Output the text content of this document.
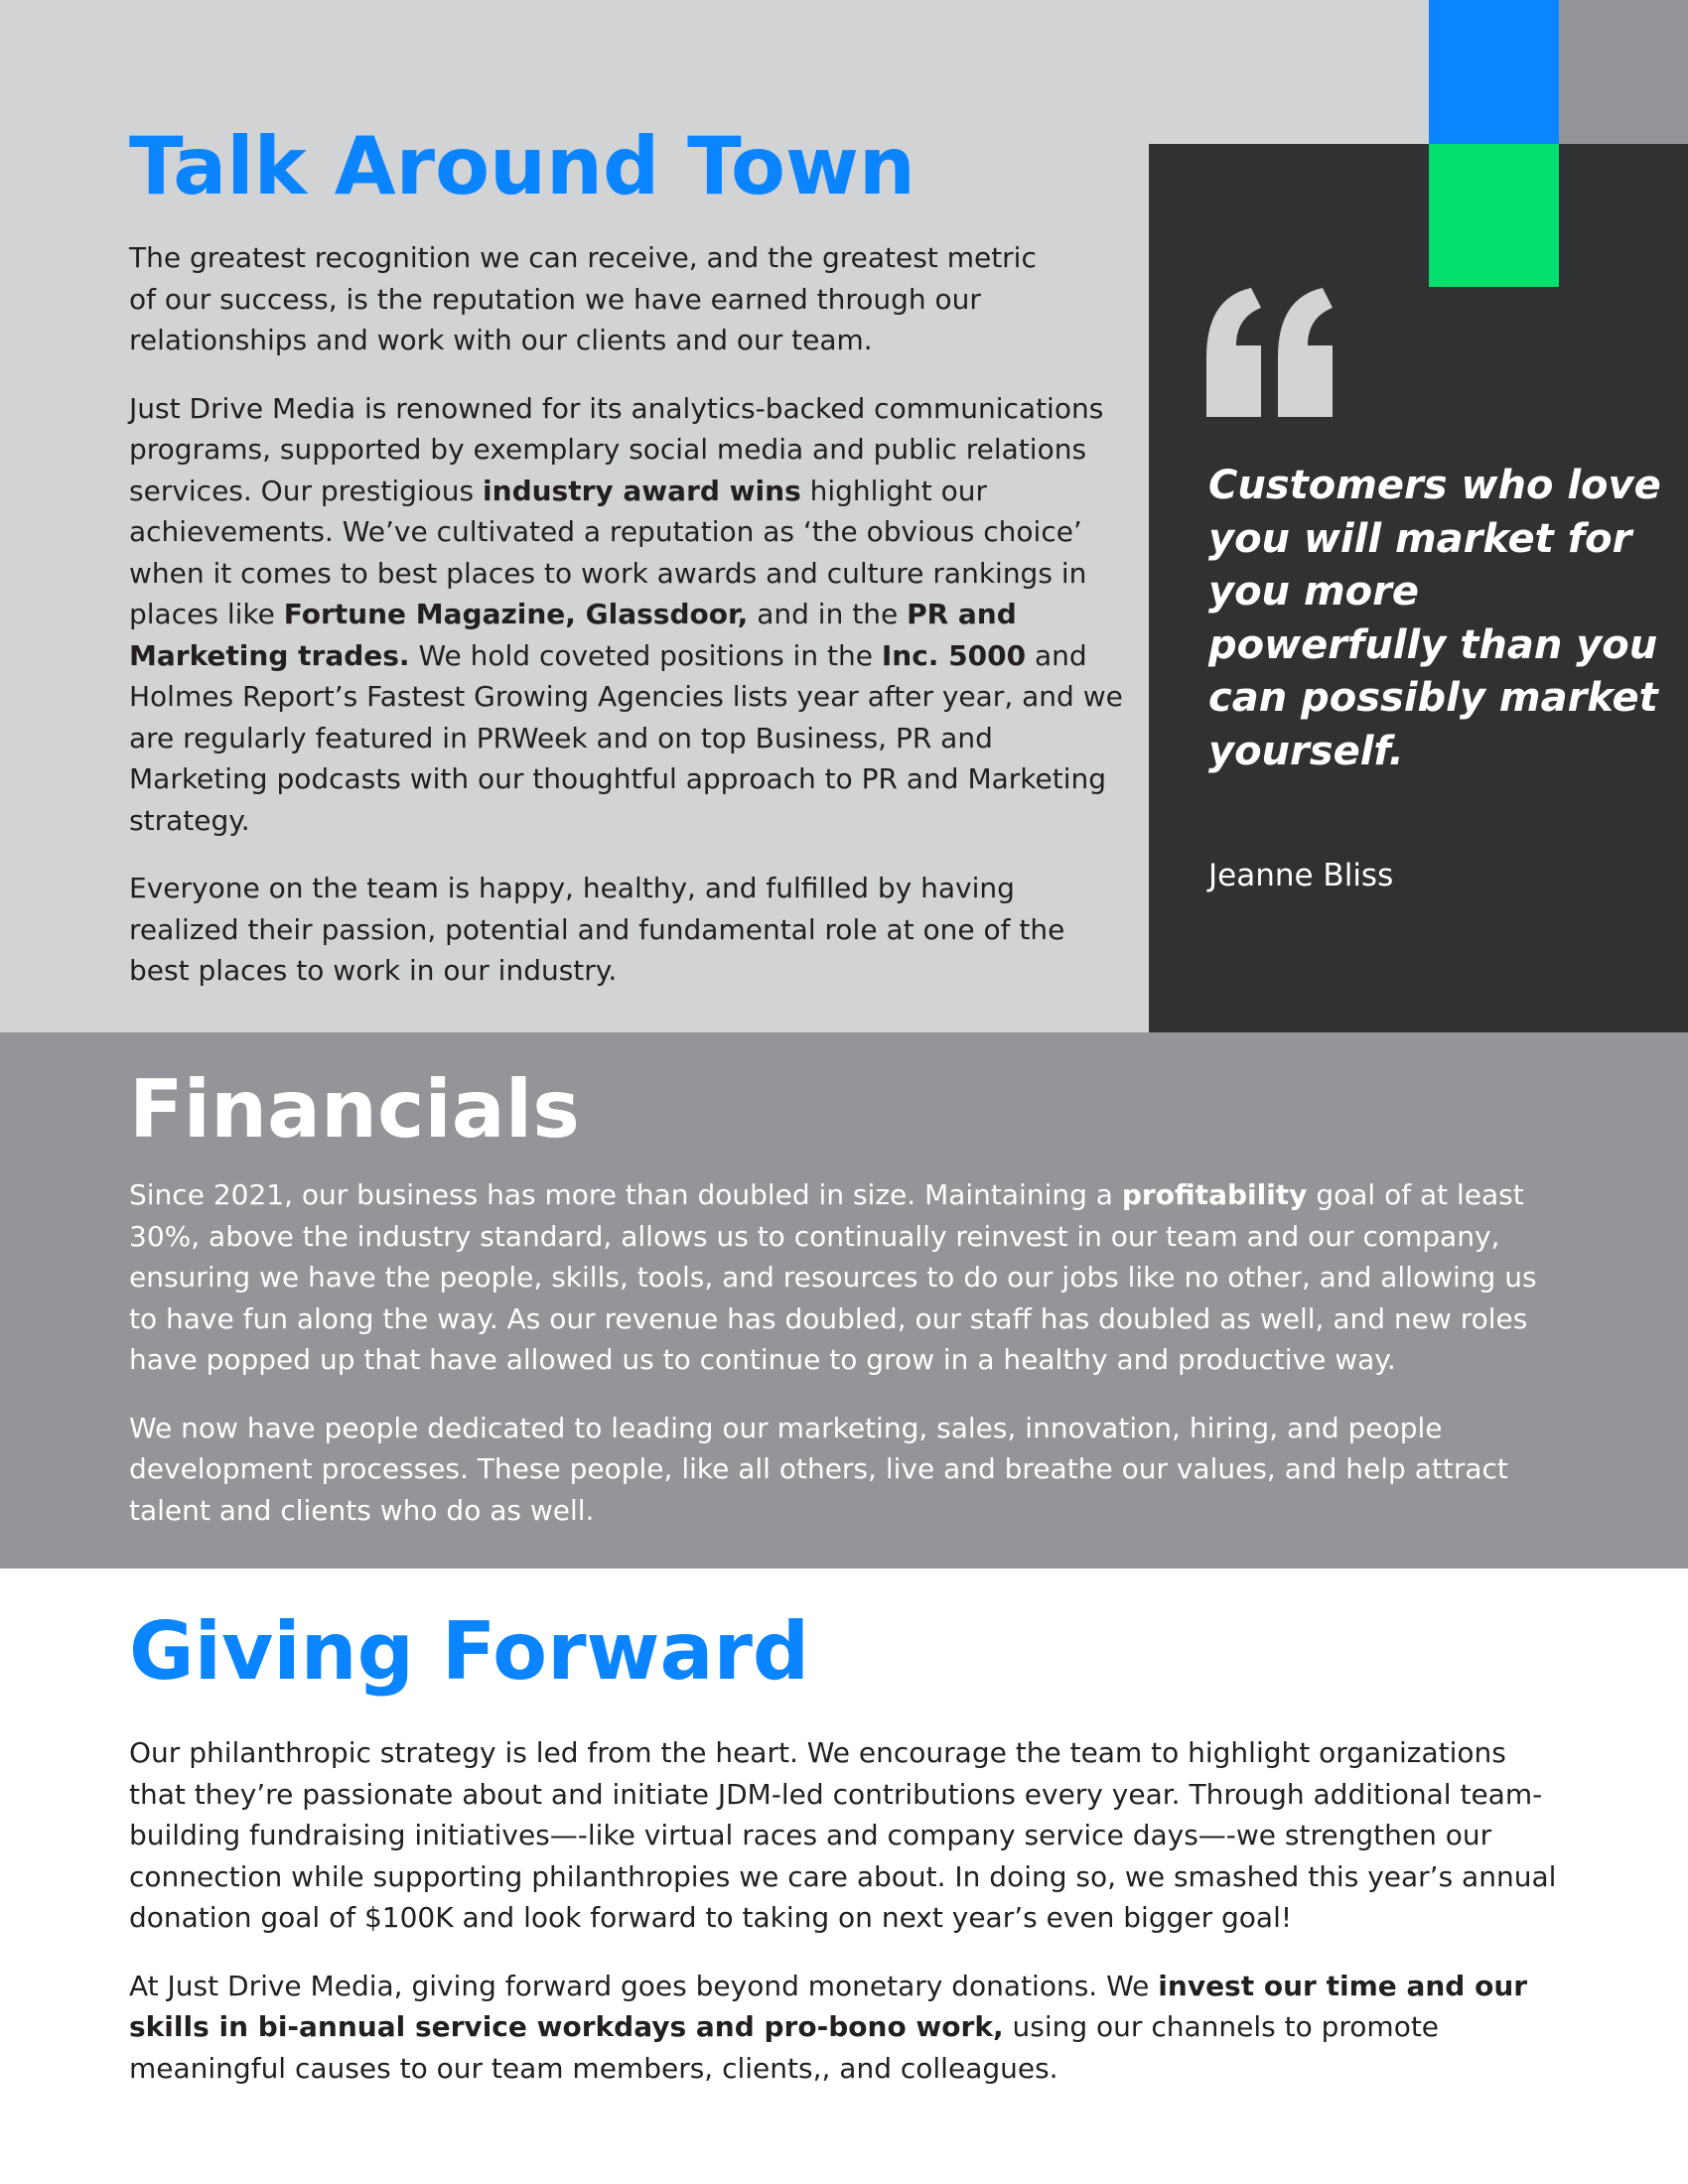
Talk Around Town

The greatest recognition we can receive, and the greatest metric of our success, is the reputation we have earned through our relationships and work with our clients and our team.

Just Drive Media is renowned for its analytics-backed communications programs, supported by exemplary social media and public relations services. Our prestigious industry award wins highlight our achievements. We’ve cultivated a reputation as ‘the obvious choice’ when it comes to best places to work awards and culture rankings in places like Fortune Magazine, Glassdoor, and in the PR and Marketing trades. We hold coveted positions in the Inc. 5000 and Holmes Report’s Fastest Growing Agencies lists year after year, and we are regularly featured in PRWeek and on top Business, PR and Marketing podcasts with our thoughtful approach to PR and Marketing strategy.

Everyone on the team is happy, healthy, and fulfilled by having realized their passion, potential and fundamental role at one of the best places to work in our industry.

Customers who love you will market for you more powerfully than you can possibly market yourself.

Jeanne Bliss

Financials

Since 2021, our business has more than doubled in size. Maintaining a profitability goal of at least 30%, above the industry standard, allows us to continually reinvest in our team and our company, ensuring we have the people, skills, tools, and resources to do our jobs like no other, and allowing us to have fun along the way. As our revenue has doubled, our staff has doubled as well, and new roles have popped up that have allowed us to continue to grow in a healthy and productive way.

We now have people dedicated to leading our marketing, sales, innovation, hiring, and people development processes. These people, like all others, live and breathe our values, and help attract talent and clients who do as well.

Giving Forward

Our philanthropic strategy is led from the heart. We encourage the team to highlight organizations that they’re passionate about and initiate JDM-led contributions every year. Through additional team-building fundraising initiatives—-like virtual races and company service days—-we strengthen our connection while supporting philanthropies we care about. In doing so, we smashed this year’s annual donation goal of $100K and look forward to taking on next year’s even bigger goal!

At Just Drive Media, giving forward goes beyond monetary donations. We invest our time and our skills in bi-annual service workdays and pro-bono work, using our channels to promote meaningful causes to our team members, clients,, and colleagues.
